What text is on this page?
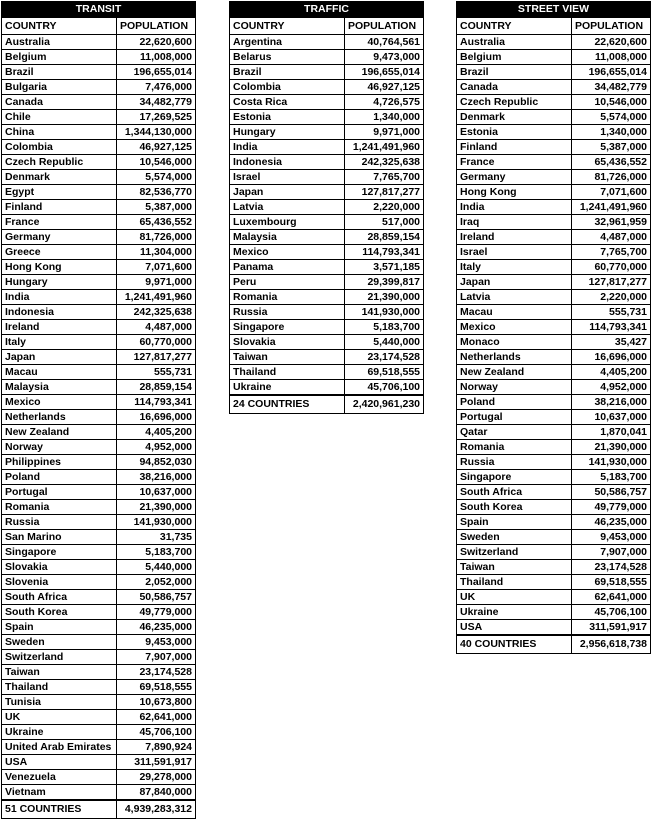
TRANSIT	
COUNTRY	POPULATION
Australia	22,620,600
Belgium	11,008,000
Brazil	196,655,014
Bulgaria	7,476,000
Canada	34,482,779
Chile	17,269,525
China	1,344,130,000
Colombia	46,927,125
Czech Republic	10,546,000
Denmark	5,574,000
Egypt	82,536,770
Finland	5,387,000
France	65,436,552
Germany	81,726,000
Greece	11,304,000
Hong Kong	7,071,600
Hungary	9,971,000
India	1,241,491,960
Indonesia	242,325,638
Ireland	4,487,000
Italy	60,770,000
Japan	127,817,277
Macau	555,731
Malaysia	28,859,154
Mexico	114,793,341
Netherlands	16,696,000
New Zealand	4,405,200
Norway	4,952,000
Philippines	94,852,030
Poland	38,216,000
Portugal	10,637,000
Romania	21,390,000
Russia	141,930,000
San Marino	31,735
Singapore	5,183,700
Slovakia	5,440,000
Slovenia	2,052,000
South Africa	50,586,757
South Korea	49,779,000
Spain	46,235,000
Sweden	9,453,000
Switzerland	7,907,000
Taiwan	23,174,528
Thailand	69,518,555
Tunisia	10,673,800
UK	62,641,000
Ukraine	45,706,100
United Arab Emirates	7,890,924
USA	311,591,917
Venezuela	29,278,000
Vietnam	87,840,000
51 COUNTRIES	4,939,283,312
TRAFFIC	
COUNTRY	POPULATION
Argentina	40,764,561
Belarus	9,473,000
Brazil	196,655,014
Colombia	46,927,125
Costa Rica	4,726,575
Estonia	1,340,000
Hungary	9,971,000
India	1,241,491,960
Indonesia	242,325,638
Israel	7,765,700
Japan	127,817,277
Latvia	2,220,000
Luxembourg	517,000
Malaysia	28,859,154
Mexico	114,793,341
Panama	3,571,185
Peru	29,399,817
Romania	21,390,000
Russia	141,930,000
Singapore	5,183,700
Slovakia	5,440,000
Taiwan	23,174,528
Thailand	69,518,555
Ukraine	45,706,100
24 COUNTRIES	2,420,961,230
STREET VIEW	
COUNTRY	POPULATION
Australia	22,620,600
Belgium	11,008,000
Brazil	196,655,014
Canada	34,482,779
Czech Republic	10,546,000
Denmark	5,574,000
Estonia	1,340,000
Finland	5,387,000
France	65,436,552
Germany	81,726,000
Hong Kong	7,071,600
India	1,241,491,960
Iraq	32,961,959
Ireland	4,487,000
Israel	7,765,700
Italy	60,770,000
Japan	127,817,277
Latvia	2,220,000
Macau	555,731
Mexico	114,793,341
Monaco	35,427
Netherlands	16,696,000
New Zealand	4,405,200
Norway	4,952,000
Poland	38,216,000
Portugal	10,637,000
Qatar	1,870,041
Romania	21,390,000
Russia	141,930,000
Singapore	5,183,700
South Africa	50,586,757
South Korea	49,779,000
Spain	46,235,000
Sweden	9,453,000
Switzerland	7,907,000
Taiwan	23,174,528
Thailand	69,518,555
UK	62,641,000
Ukraine	45,706,100
USA	311,591,917
40 COUNTRIES	2,956,618,738
